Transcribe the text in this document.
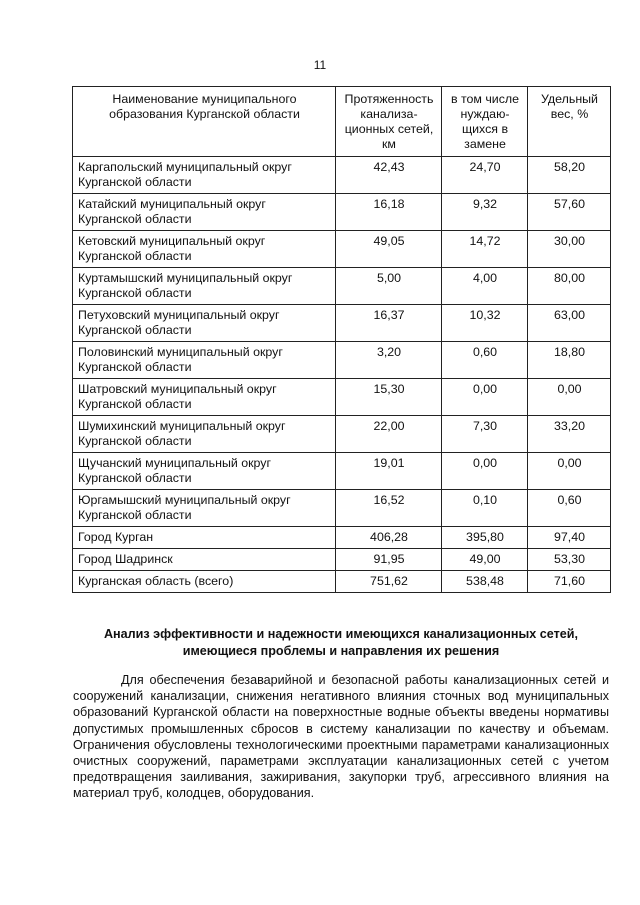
11
Наименование муниципального образования Курганской области	Протяженность канализа-ционных сетей, км	в том числе нуждаю-щихся в замене	Удельный вес, %
Каргапольский муниципальный округ Курганской области	42,43	24,70	58,20
Катайский муниципальный округ Курганской области	16,18	9,32	57,60
Кетовский муниципальный округ Курганской области	49,05	14,72	30,00
Куртамышский муниципальный округ Курганской области	5,00	4,00	80,00
Петуховский муниципальный округ Курганской области	16,37	10,32	63,00
Половинский муниципальный округ Курганской области	3,20	0,60	18,80
Шатровский муниципальный округ Курганской области	15,30	0,00	0,00
Шумихинский муниципальный округ Курганской области	22,00	7,30	33,20
Щучанский муниципальный округ Курганской области	19,01	0,00	0,00
Юргамышский муниципальный округ Курганской области	16,52	0,10	0,60
Город Курган	406,28	395,80	97,40
Город Шадринск	91,95	49,00	53,30
Курганская область (всего)	751,62	538,48	71,60
Анализ эффективности и надежности имеющихся канализационных сетей, имеющиеся проблемы и направления их решения

Для обеспечения безаварийной и безопасной работы канализационных сетей и сооружений канализации, снижения негативного влияния сточных вод муниципальных образований Курганской области на поверхностные водные объекты введены нормативы допустимых промышленных сбросов в систему канализации по качеству и объемам. Ограничения обусловлены технологическими проектными параметрами канализационных очистных сооружений, параметрами эксплуатации канализационных сетей с учетом предотвращения заиливания, зажиривания, закупорки труб, агрессивного влияния на материал труб, колодцев, оборудования.
